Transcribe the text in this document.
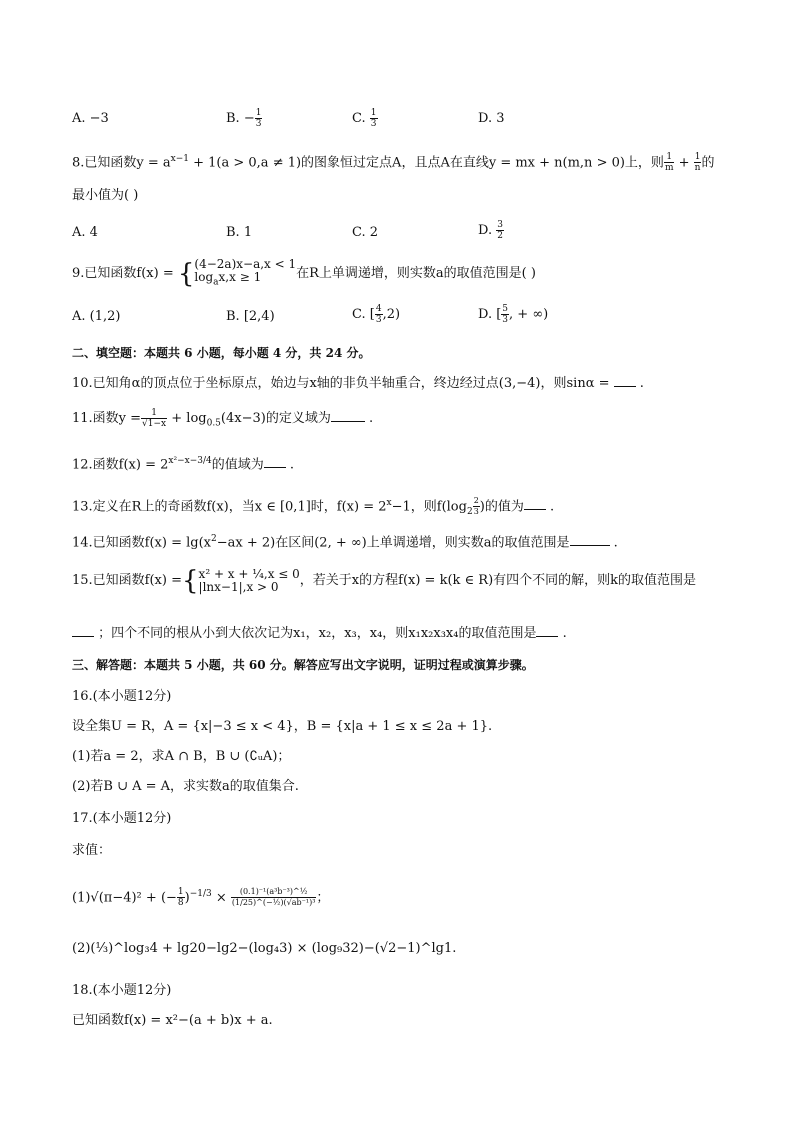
A. −3	B. − $\frac{1}{3}$	C. $\frac{1}{3}$	D. 3
8.已知函数$y = a^{x-1} + 1(a > 0,a \ne 1)$的图象恒过定点A，且点A在直线y = mx + n(m,n > 0)上，则 $\frac{1}{m} + \frac{1}{n}$ 的
最小值为( )
A. 4	B. 1	C. 2	D. $\frac{3}{2}$
9.已知函数f(x) = { (4−2a)x−a,x < 1
$\log_ax,x \ge 1$	在R上单调递增，则实数a的取值范围是( )
A. (1,2)	B. [2,4)	C. [ $\frac{4}{3} ,2$)	D. [ $\frac{5}{3}$ , + ∞)
二、填空题：本题共 6 小题，每小题 4 分，共 24 分。
10.已知角α的顶点位于坐标原点，始边与x轴的非负半轴重合，终边经过点(3,−4)，则sinα =  .
11.函数$y = \frac{1}{√1-x} + \log_{0.5}(4x-3)$的定义域为	.
12.函数$f(x) = 2^{x^2-x-3/4}$的值域为 .
13.定义在R上的奇函数f(x)，当x ∈ [0,1]时，$f(x) = 2^x-1$，则$f(\log_2 \frac{2}{3}$ )的值为 .
14.已知函数$f(x) = \lg(x^2-ax + 2)$在区间(2, + ∞)上单调递增，则实数a的取值范围是	.
15.已知函数f(x) ={ x² + x + ¼,x ≤ 0
|lnx−1|,x > 0	，若关于x的方程f(x) = k(k ∈ R)有四个不同的解，则k的取值范围是
；四个不同的根从小到大依次记为x₁，x₂，x₃，x₄，则x₁x₂x₃x₄的取值范围是 .
三、解答题：本题共 5 小题，共 60 分。解答应写出文字说明，证明过程或演算步骤。
16.(本小题12分)
设全集U = R，A = {x|−3 ≤ x < 4}，B = {x|a + 1 ≤ x ≤ 2a + 1}.
(1)若a = 2，求A ∩ B，B ∪ (∁ᵤA)；
(2)若B ∪ A = A，求实数a的取值集合.
17.(本小题12分)
求值：
(1)√(π−4)² + (− $\frac{1}{8} )^{-1/3} \times \frac{\text{(0.1)⁻¹(a³b⁻³)\textasciicircum{}½}}{\text{(1/25)\textasciicircum{}(−½)(√ab⁻¹)³}}$ ；
(2)(⅓)^log₃4 + lg20−lg2−(log₄3) × (log₉32)−(√2−1)^lg1.
18.(本小题12分)
已知函数f(x) = x²−(a + b)x + a.
